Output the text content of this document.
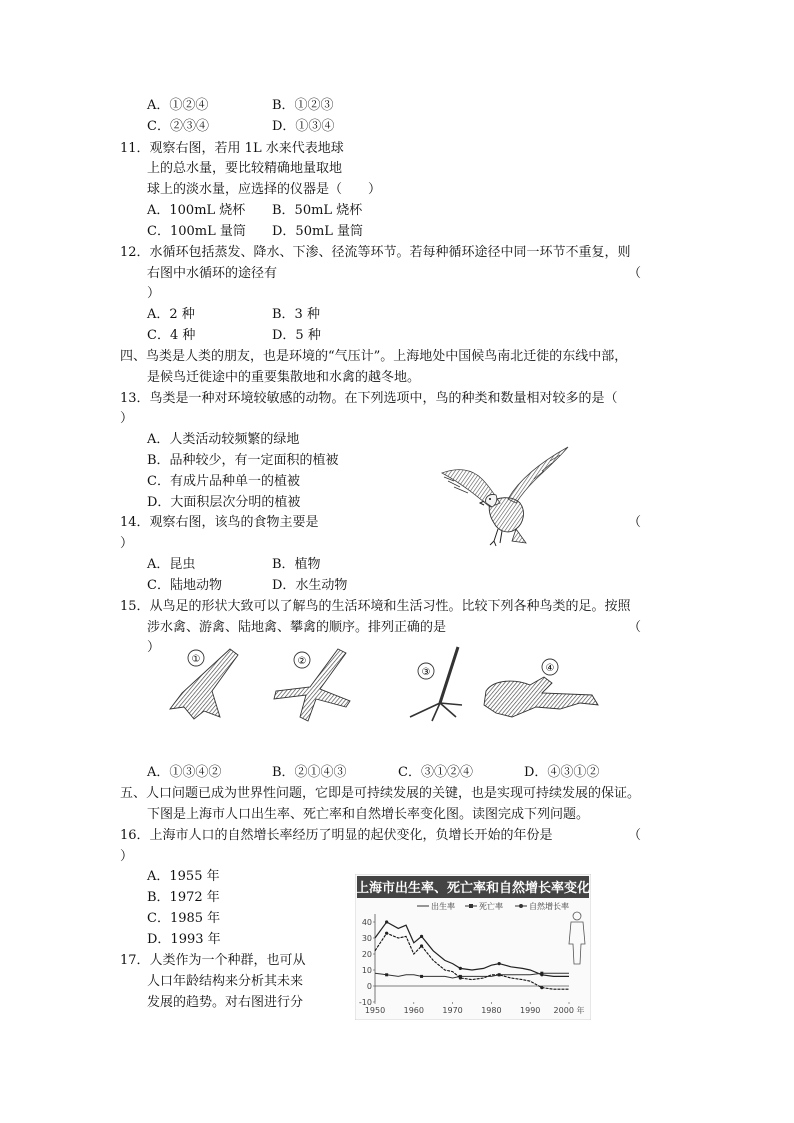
A．①②④	B．①②③
C．②③④	D．①③④
11．观察右图，若用 1L 水来代表地球
上的总水量，要比较精确地量取地
球上的淡水量，应选择的仪器是（　　）
A．100mL 烧杯 B．50mL 烧杯
C．100mL 量筒 D．50mL 量筒
12．水循环包括蒸发、降水、下渗、径流等环节。若每种循环途径中同一环节不重复，则
右图中水循环的途径有	（
）
A．2 种	B．3 种
C．4 种	D．5 种
四、鸟类是人类的朋友，也是环境的“气压计”。上海地处中国候鸟南北迁徙的东线中部，
是候鸟迁徙途中的重要集散地和水禽的越冬地。
13．鸟类是一种对环境较敏感的动物。在下列选项中，鸟的种类和数量相对较多的是（
）
A．人类活动较频繁的绿地
B．品种较少，有一定面积的植被
C．有成片品种单一的植被
D．大面积层次分明的植被
14．观察右图，该鸟的食物主要是	（
）
A．昆虫	B．植物
C．陆地动物	D．水生动物
15．从鸟足的形状大致可以了解鸟的生活环境和生活习性。比较下列各种鸟类的足。按照
涉水禽、游禽、陆地禽、攀禽的顺序。排列正确的是	（
）
①	②
③	④
A．①③④②	B．②①④③	C．③①②④	D．④③①②
五、人口问题已成为世界性问题，它即是可持续发展的关键，也是实现可持续发展的保证。
下图是上海市人口出生率、死亡率和自然增长率变化图。读图完成下列问题。
16．上海市人口的自然增长率经历了明显的起伏变化，负增长开始的年份是	（
）
A．1955 年
B．1972 年
C．1985 年
D．1993 年
17．人类作为一个种群，也可从
人口年龄结构来分析其未来
发展的趋势。对右图进行分
上海市出生率、死亡率和自然增长率变化
出生率	死亡率	自然增长率
40
30
20
10
0
-10
1950 1960 1970 1980 1990 2000 年
